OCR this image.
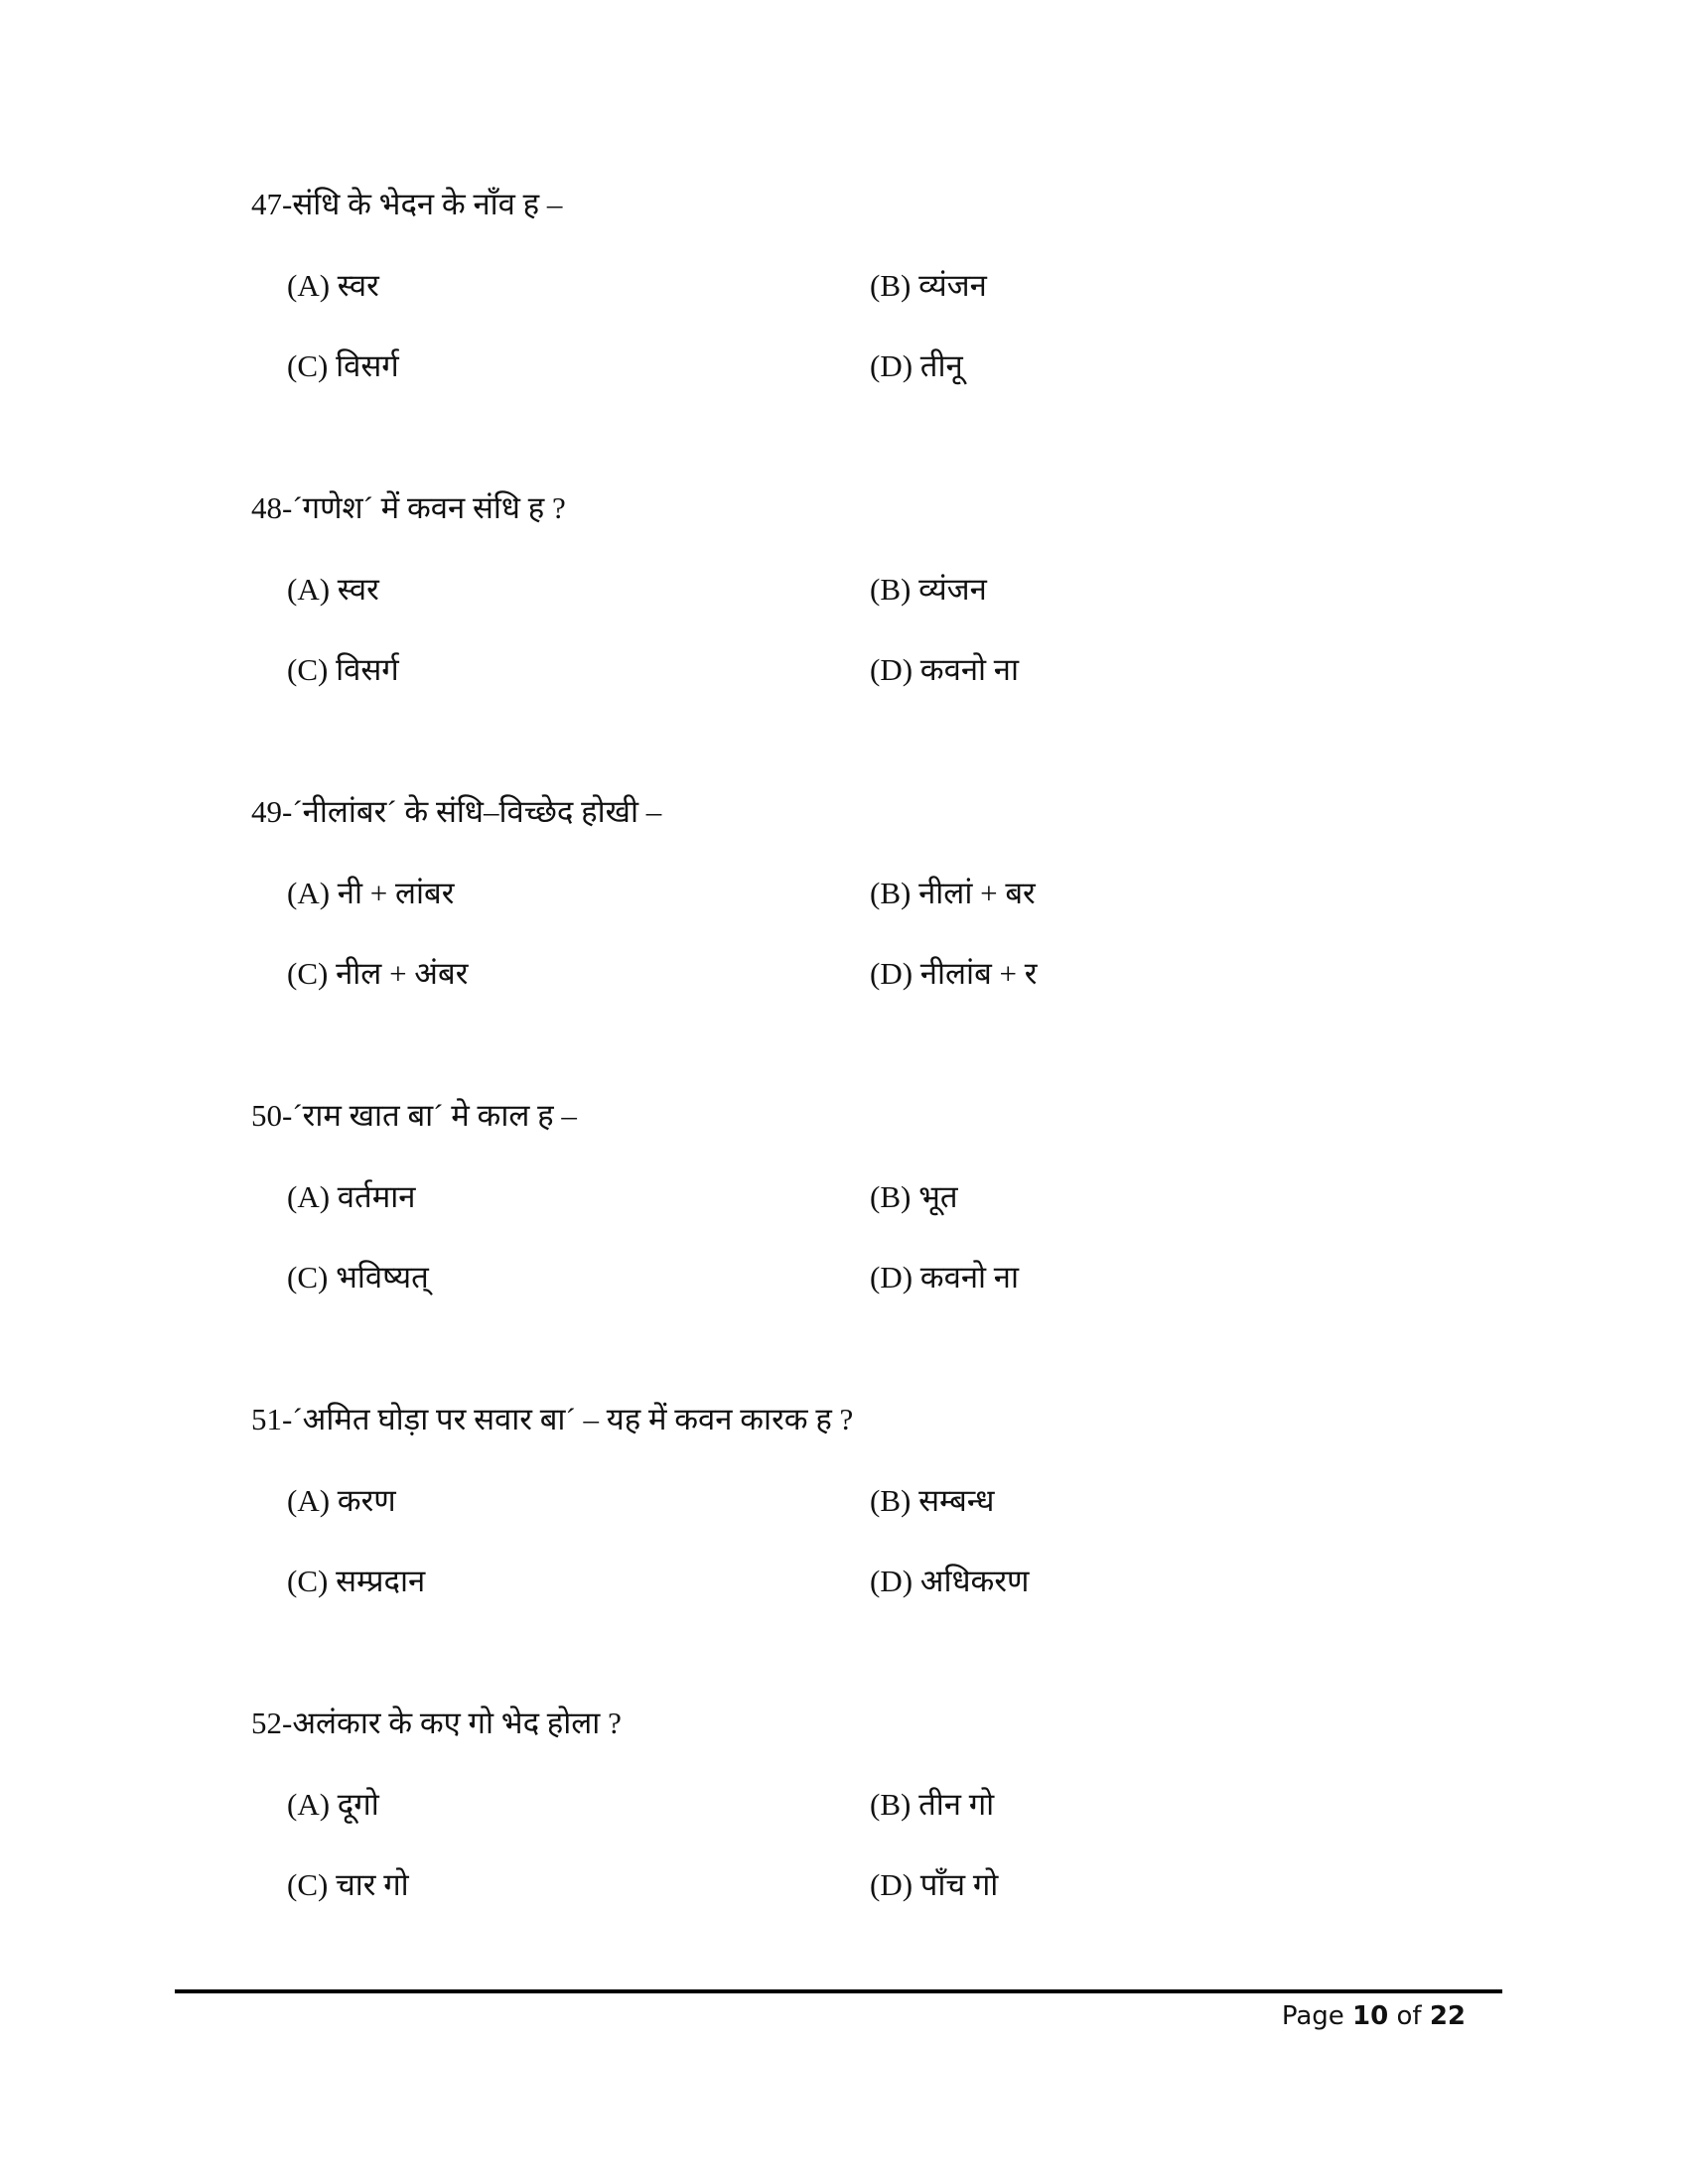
47-संधि के भेदन के नाँव ह –
(A) स्वर	(B) व्यंजन
(C) विसर्ग	(D) तीनू
48-´गणेश´ में कवन संधि ह ?
(A) स्वर	(B) व्यंजन
(C) विसर्ग	(D) कवनो ना
49-´नीलांबर´ के संधि–विच्छेद होखी –
(A) नी + लांबर	(B) नीलां + बर
(C) नील + अंबर	(D) नीलांब + र
50-´राम खात बा´ मे काल ह –
(A) वर्तमान	(B) भूत
(C) भविष्यत्	(D) कवनो ना
51-´अमित घोड़ा पर सवार बा´ – यह में कवन कारक ह ?
(A) करण	(B) सम्बन्ध
(C) सम्प्रदान	(D) अधिकरण
52-अलंकार के कए गो भेद होला ?
(A) दूगो	(B) तीन गो
(C) चार गो	(D) पाँच गो
Page 10 of 22
